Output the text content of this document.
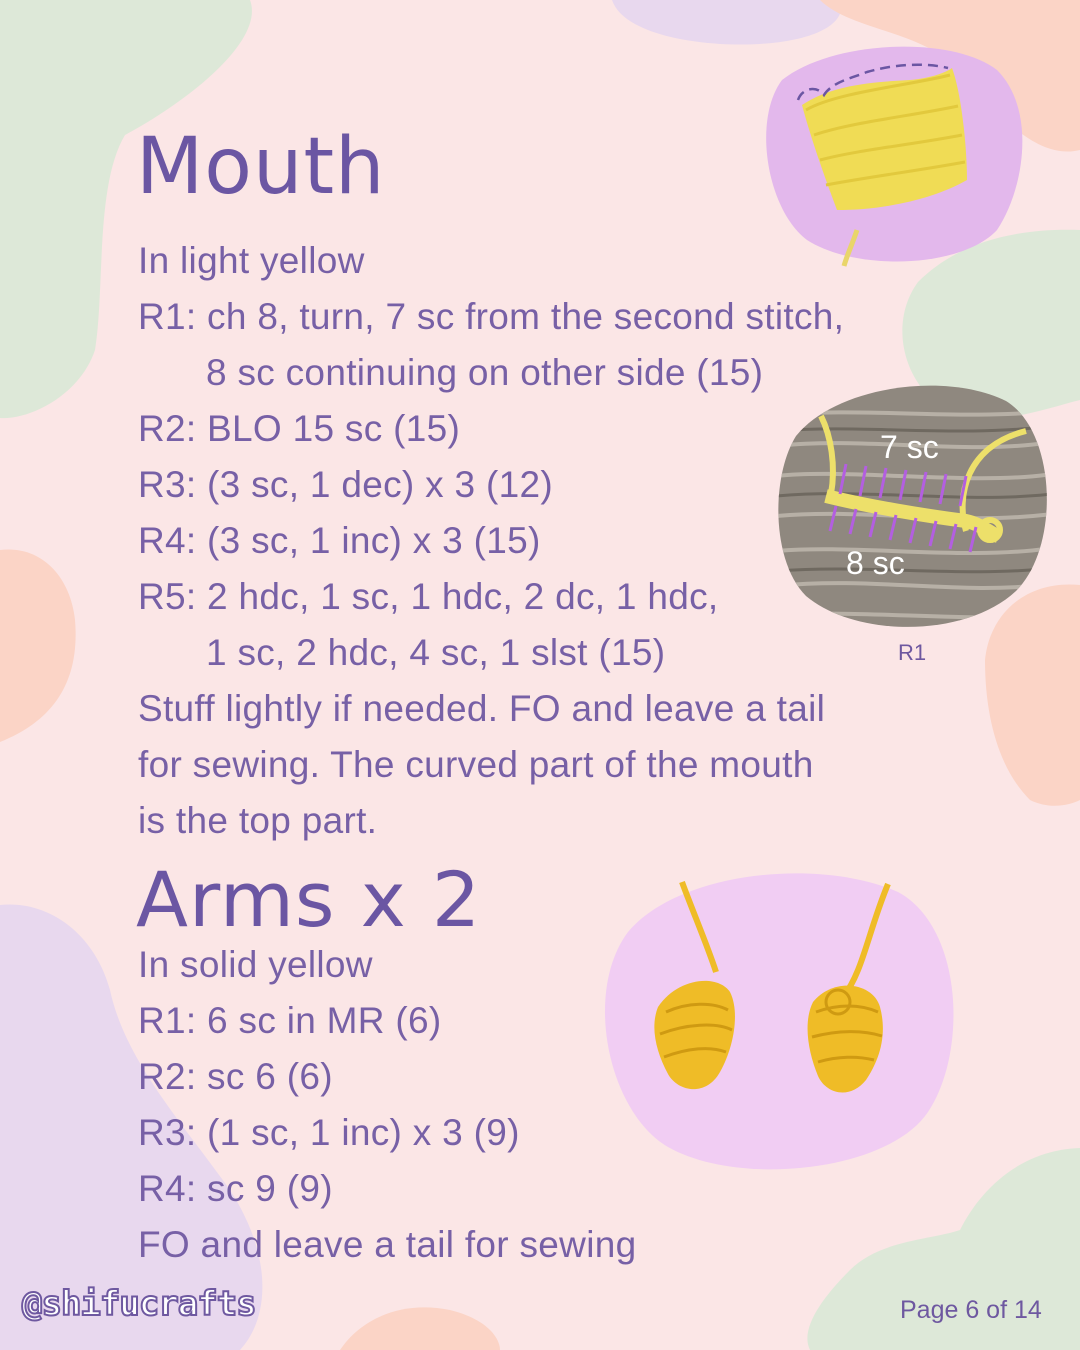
Mouth
In light yellow
R1: ch 8, turn, 7 sc from the second stitch,
8 sc continuing on other side (15)
R2: BLO 15 sc (15)
R3: (3 sc, 1 dec) x 3 (12)
R4: (3 sc, 1 inc) x 3 (15)
R5: 2 hdc, 1 sc, 1 hdc, 2 dc, 1 hdc,
1 sc, 2 hdc, 4 sc, 1 slst (15)
Stuff lightly if needed. FO and leave a tail
for sewing. The curved part of the mouth
is the top part.
7 sc
8 sc
R1
Arms x 2
In solid yellow
R1: 6 sc in MR (6)
R2: sc 6 (6)
R3: (1 sc, 1 inc) x 3 (9)
R4: sc 9 (9)
FO and leave a tail for sewing
@shifucrafts	Page 6 of 14
